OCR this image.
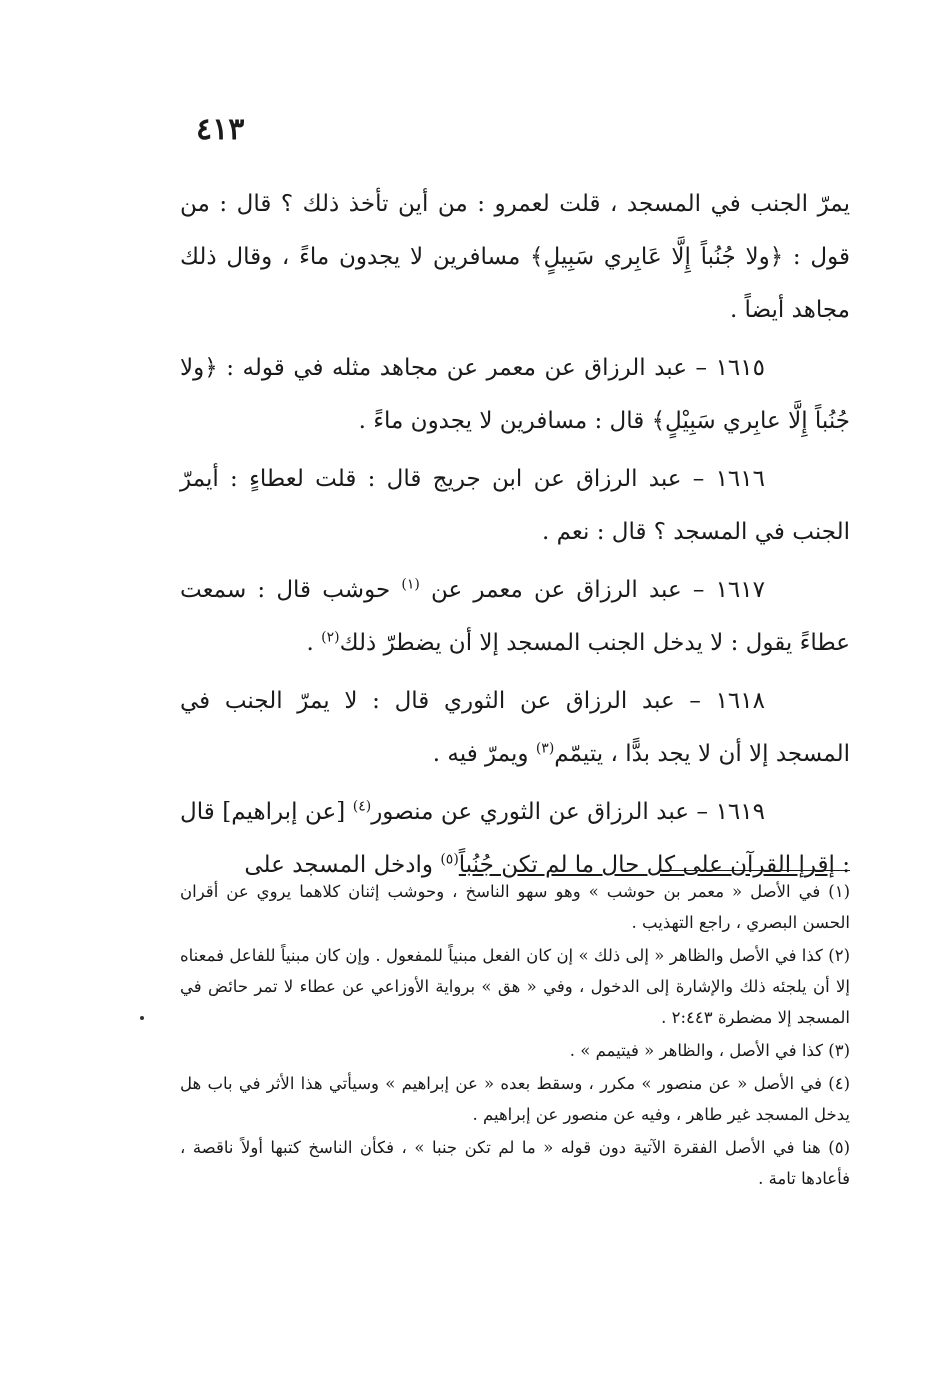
٤١٣

يمرّ الجنب في المسجد ، قلت لعمرو : من أين تأخذ ذلك ؟ قال : من قول : ﴿ولا جُنُباً إِلَّا عَابِري سَبِيلٍ﴾ مسافرين لا يجدون ماءً ، وقال ذلك مجاهد أيضاً .

١٦١٥ – عبد الرزاق عن معمر عن مجاهد مثله في قوله : ﴿ولا جُنُباً إِلَّا عابِري سَبِيْلٍ﴾ قال : مسافرين لا يجدون ماءً .

١٦١٦ – عبد الرزاق عن ابن جريج قال : قلت لعطاءٍ : أيمرّ الجنب في المسجد ؟ قال : نعم .

١٦١٧ – عبد الرزاق عن معمر عن $^{(١)}$ حوشب قال : سمعت عطاءً يقول : لا يدخل الجنب المسجد إلا أن يضطرّ ذلك$^{(٢)}$ .

١٦١٨ – عبد الرزاق عن الثوري قال : لا يمرّ الجنب في المسجد إلا أن لا يجد بدًّا ، يتيمّم$^{(٣)}$ ويمرّ فيه .

١٦١٩ – عبد الرزاق عن الثوري عن منصور$^{(٤)}$ [عن إبراهيم] قال : إقرإ القرآن على كل حال ما لم تكن جُنُباً$^{(٥)}$ وادخل المسجد على

(١) في الأصل « معمر بن حوشب » وهو سهو الناسخ ، وحوشب إثنان كلاهما يروي عن أقران الحسن البصري ، راجع التهذيب .

(٢) كذا في الأصل والظاهر « إلى ذلك » إن كان الفعل مبنياً للمفعول . وإن كان مبنياً للفاعل فمعناه إلا أن يلجئه ذلك والإشارة إلى الدخول ، وفي « هق » برواية الأوزاعي عن عطاء لا تمر حائض في المسجد إلا مضطرة ٢:٤٤٣ .

(٣) كذا في الأصل ، والظاهر « فيتيمم » .

(٤) في الأصل « عن منصور » مكرر ، وسقط بعده « عن إبراهيم » وسيأتي هذا الأثر في باب هل يدخل المسجد غير طاهر ، وفيه عن منصور عن إبراهيم .

(٥) هنا في الأصل الفقرة الآتية دون قوله « ما لم تكن جنبا » ، فكأن الناسخ كتبها أولاً ناقصة ، فأعادها تامة .
